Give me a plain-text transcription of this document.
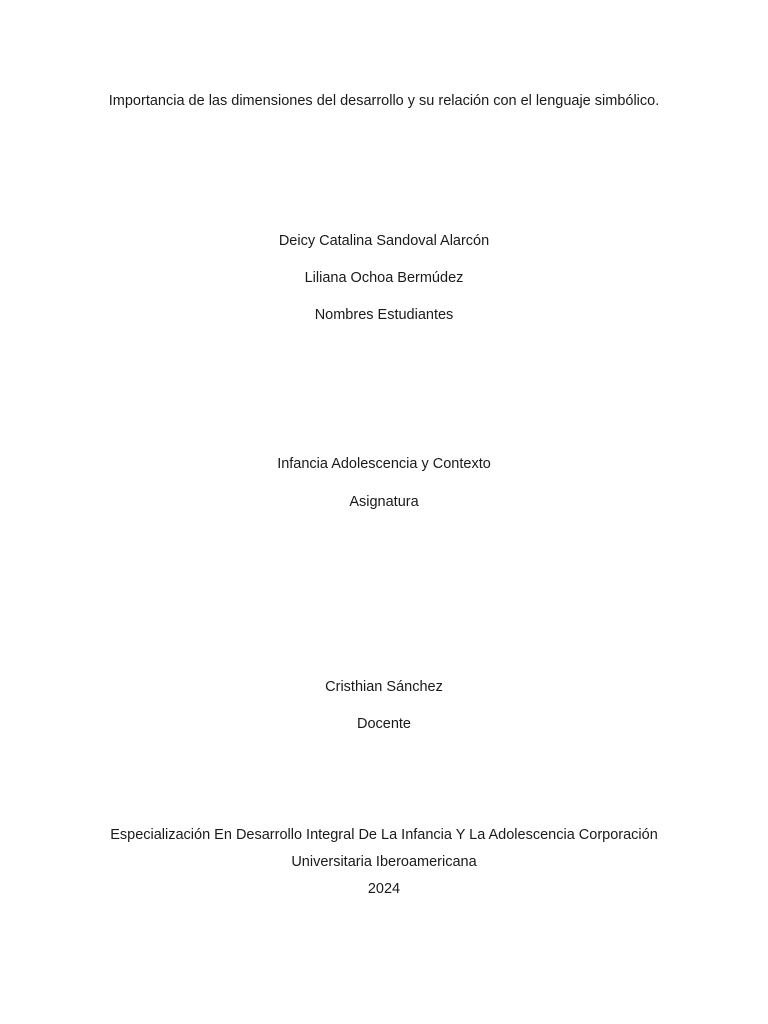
Importancia de las dimensiones del desarrollo y su relación con el lenguaje simbólico.
Deicy Catalina Sandoval Alarcón
Liliana Ochoa Bermúdez
Nombres Estudiantes
Infancia Adolescencia y Contexto
Asignatura
Cristhian Sánchez
Docente
Especialización En Desarrollo Integral De La Infancia Y La Adolescencia Corporación
Universitaria Iberoamericana
2024
